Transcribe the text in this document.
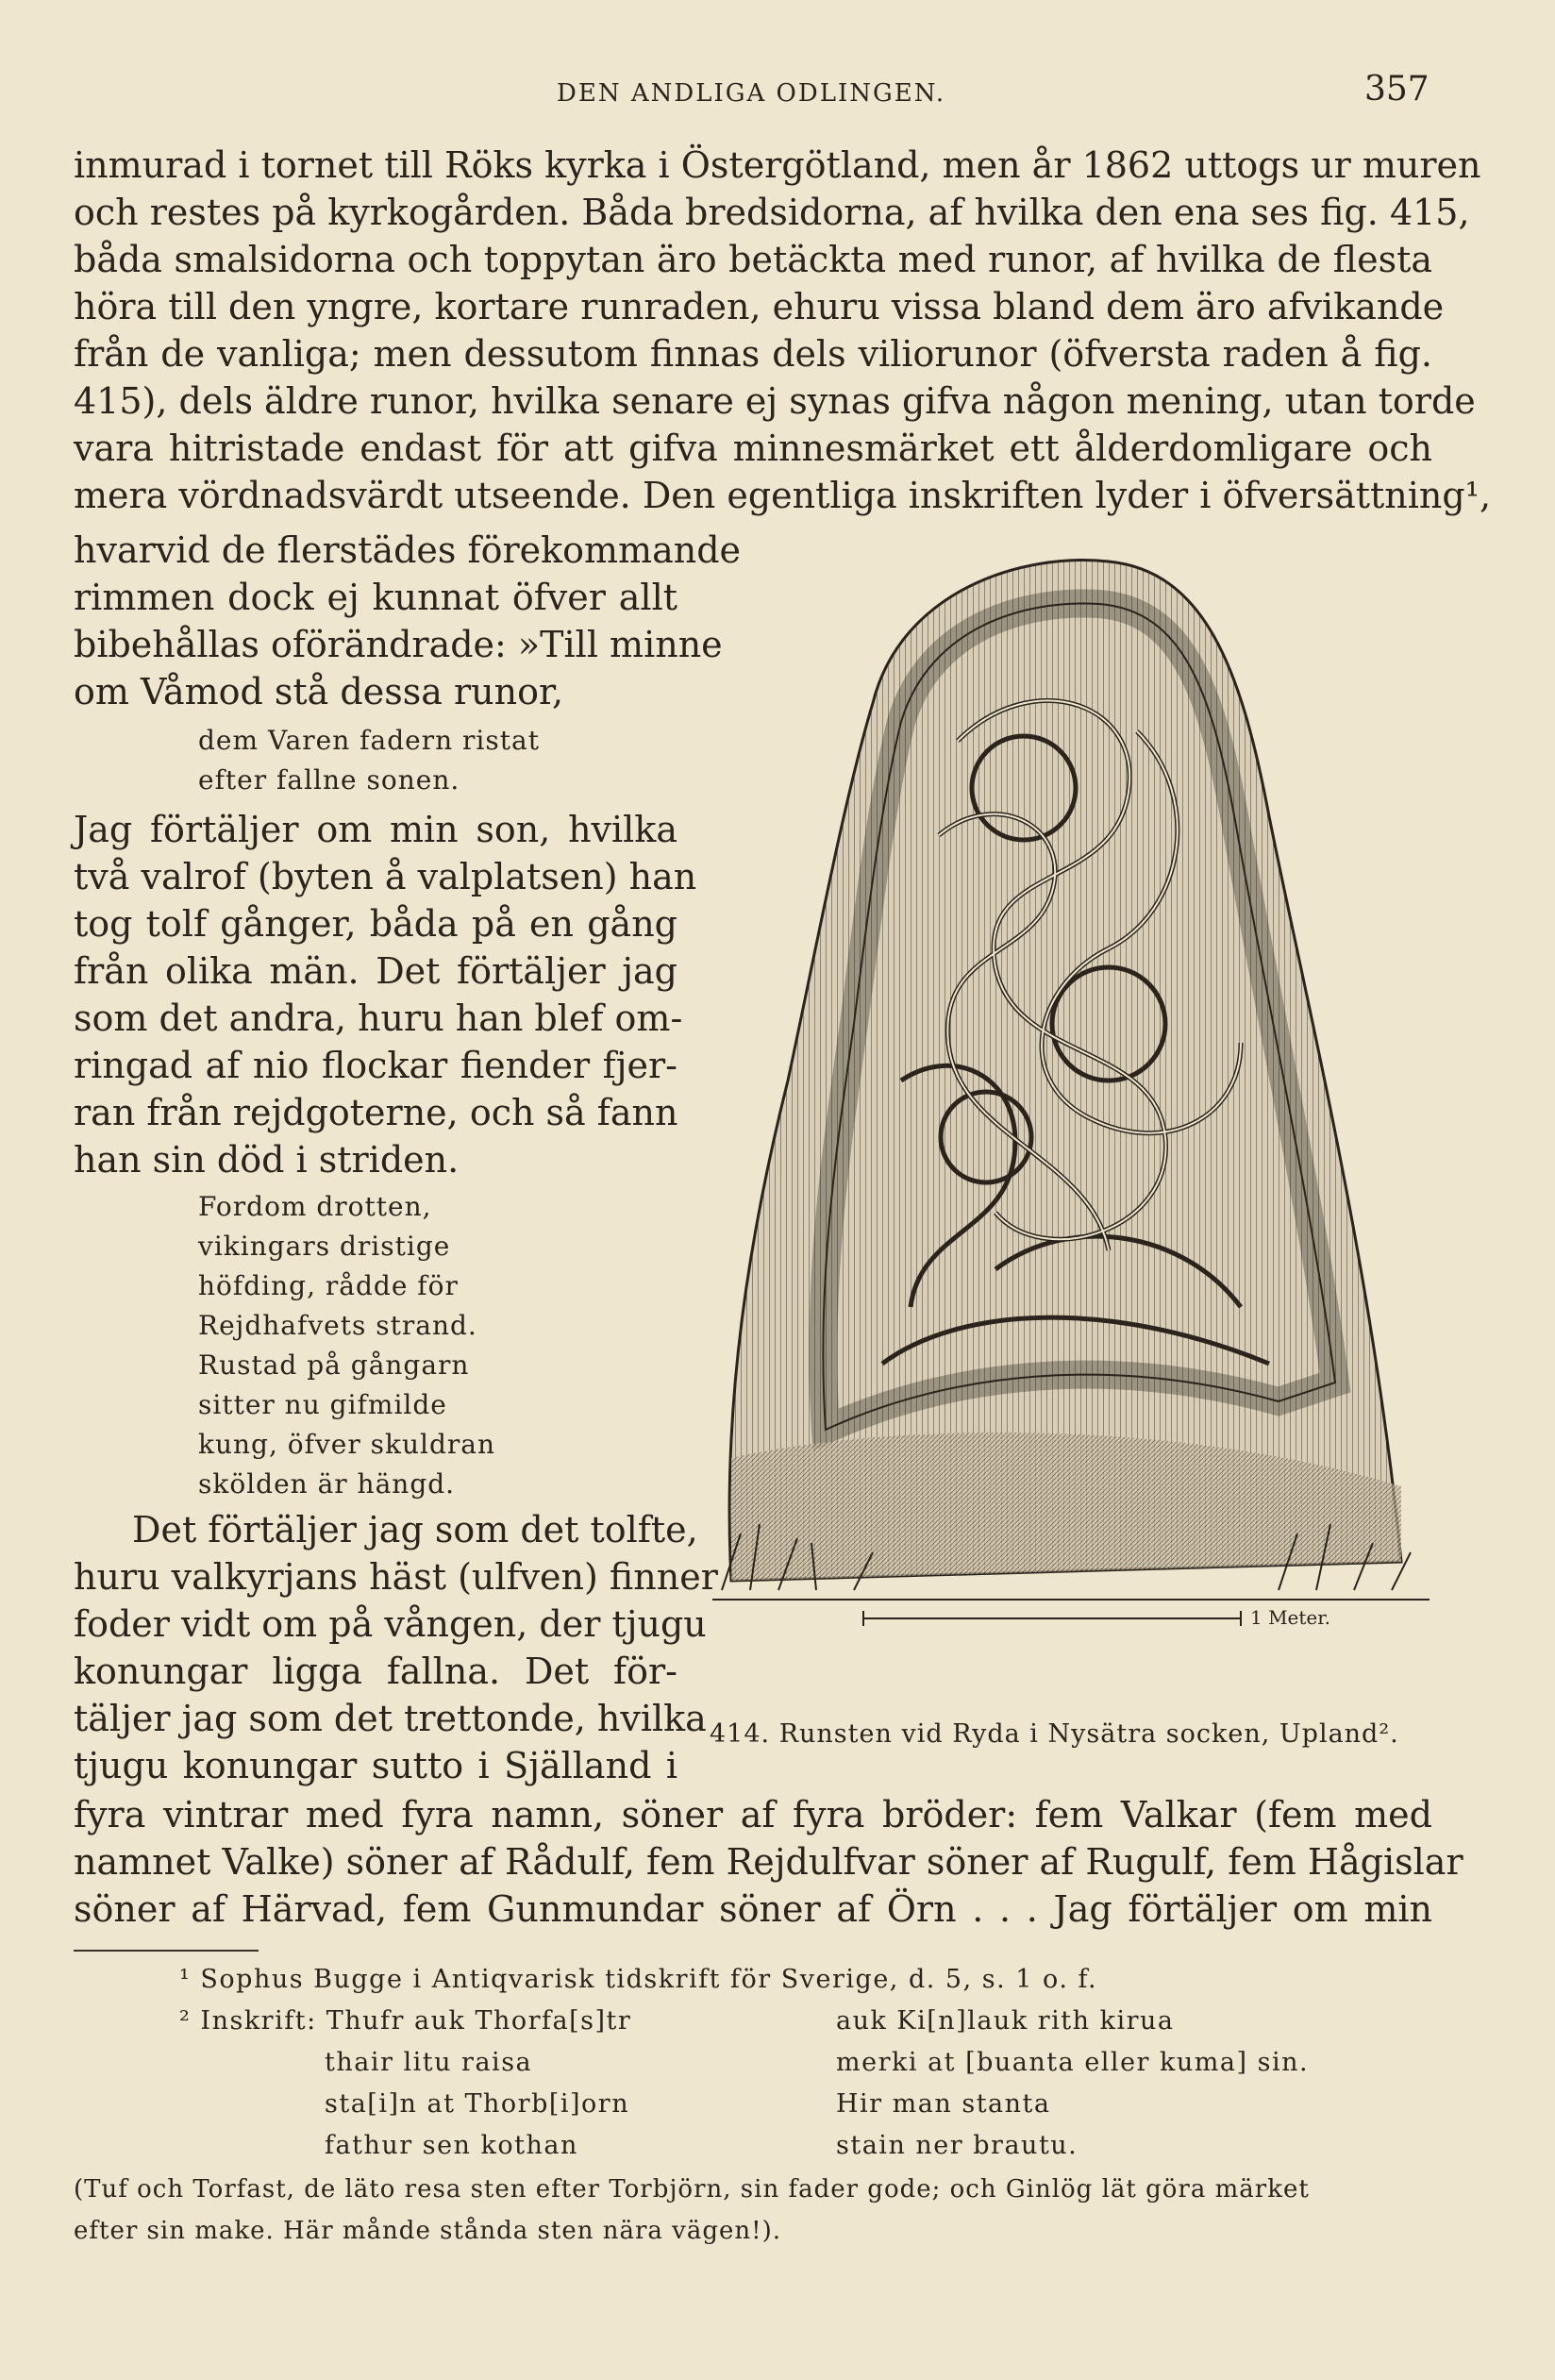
DEN ANDLIGA ODLINGEN.	357
inmurad i tornet till Röks kyrka i Östergötland, men år 1862 uttogs ur muren
och restes på kyrkogården. Båda bredsidorna, af hvilka den ena ses fig. 415,
båda smalsidorna och toppytan äro betäckta med runor, af hvilka de flesta
höra till den yngre, kortare runraden, ehuru vissa bland dem äro afvikande
från de vanliga; men dessutom finnas dels viliorunor (öfversta raden å fig.
415), dels äldre runor, hvilka senare ej synas gifva någon mening, utan torde
vara hitristade endast för att gifva minnesmärket ett ålderdomligare och
mera vördnadsvärdt utseende. Den egentliga inskriften lyder i öfversättning¹,
hvarvid de flerstädes förekommande
rimmen dock ej kunnat öfver allt
bibehållas oförändrade: »Till minne
om Våmod stå dessa runor,
dem Varen fadern ristat
efter fallne sonen.
Jag förtäljer om min son, hvilka
två valrof (byten å valplatsen) han
tog tolf gånger, båda på en gång
från olika män. Det förtäljer jag
som det andra, huru han blef om-
ringad af nio flockar fiender fjer-
ran från rejdgoterne, och så fann
han sin död i striden.
Fordom drotten,
vikingars dristige
höfding, rådde för
Rejdhafvets strand.
Rustad på gångarn
sitter nu gifmilde
kung, öfver skuldran
skölden är hängd.
Det förtäljer jag som det tolfte,
huru valkyrjans häst (ulfven) finner
foder vidt om på vången, der tjugu
konungar ligga fallna. Det för-
täljer jag som det trettonde, hvilka
tjugu konungar sutto i Själland i
fyra vintrar med fyra namn, söner af fyra bröder: fem Valkar (fem med
namnet Valke) söner af Rådulf, fem Rejdulfvar söner af Rugulf, fem Hågislar
söner af Härvad, fem Gunmundar söner af Örn . . . Jag förtäljer om min
1 Meter.
414. Runsten vid Ryda i Nysätra socken, Upland².
¹ Sophus Bugge i Antiqvarisk tidskrift för Sverige, d. 5, s. 1 o. f.
² Inskrift: Thufr auk Thorfa[s]tr
thair litu raisa
sta[i]n at Thorb[i]orn
fathur sen kothan
auk Ki[n]lauk rith kirua
merki at [buanta eller kuma] sin.
Hir man stanta
stain ner brautu.
(Tuf och Torfast, de läto resa sten efter Torbjörn, sin fader gode; och Ginlög lät göra märket
efter sin make. Här månde stånda sten nära vägen!).
